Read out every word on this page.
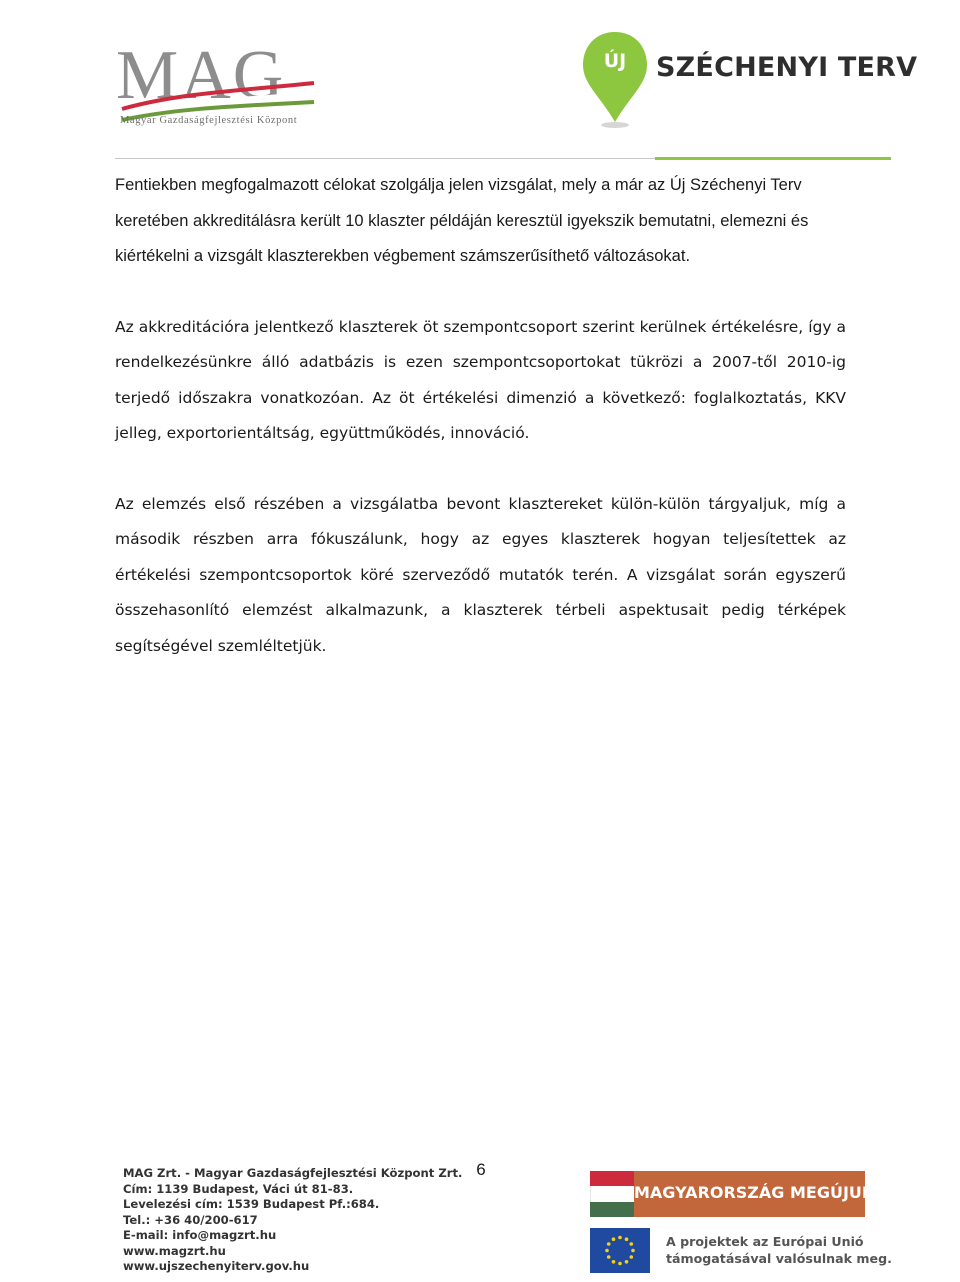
MAG
Magyar Gazdaságfejlesztési Központ
ÚJ	SZÉCHENYI TERV

Fentiekben megfogalmazott célokat szolgálja jelen vizsgálat, mely a már az Új Széchenyi Terv keretében akkreditálásra került 10 klaszter példáján keresztül igyekszik bemutatni, elemezni és kiértékelni a vizsgált klaszterekben végbement számszerűsíthető változásokat.

Az akkreditációra jelentkező klaszterek öt szempontcsoport szerint kerülnek értékelésre, így a rendelkezésünkre álló adatbázis is ezen szempontcsoportokat tükrözi a 2007-től 2010-ig terjedő időszakra vonatkozóan. Az öt értékelési dimenzió a következő: foglalkoztatás, KKV jelleg, exportorientáltság, együttműködés, innováció.

Az elemzés első részében a vizsgálatba bevont klasztereket külön-külön tárgyaljuk, míg a második részben arra fókuszálunk, hogy az egyes klaszterek hogyan teljesítettek az értékelési szempontcsoportok köré szerveződő mutatók terén. A vizsgálat során egyszerű összehasonlító elemzést alkalmazunk, a klaszterek térbeli aspektusait pedig térképek segítségével szemléltetjük.

6
MAG Zrt. - Magyar Gazdaságfejlesztési Központ Zrt.
Cím: 1139 Budapest, Váci út 81-83.
Levelezési cím: 1539 Budapest Pf.:684.
Tel.: +36 40/200-617
E-mail: info@magzrt.hu
www.magzrt.hu
www.ujszechenyiterv.gov.hu
MAGYARORSZÁG MEGÚJUL
A projektek az Európai Unió
támogatásával valósulnak meg.
